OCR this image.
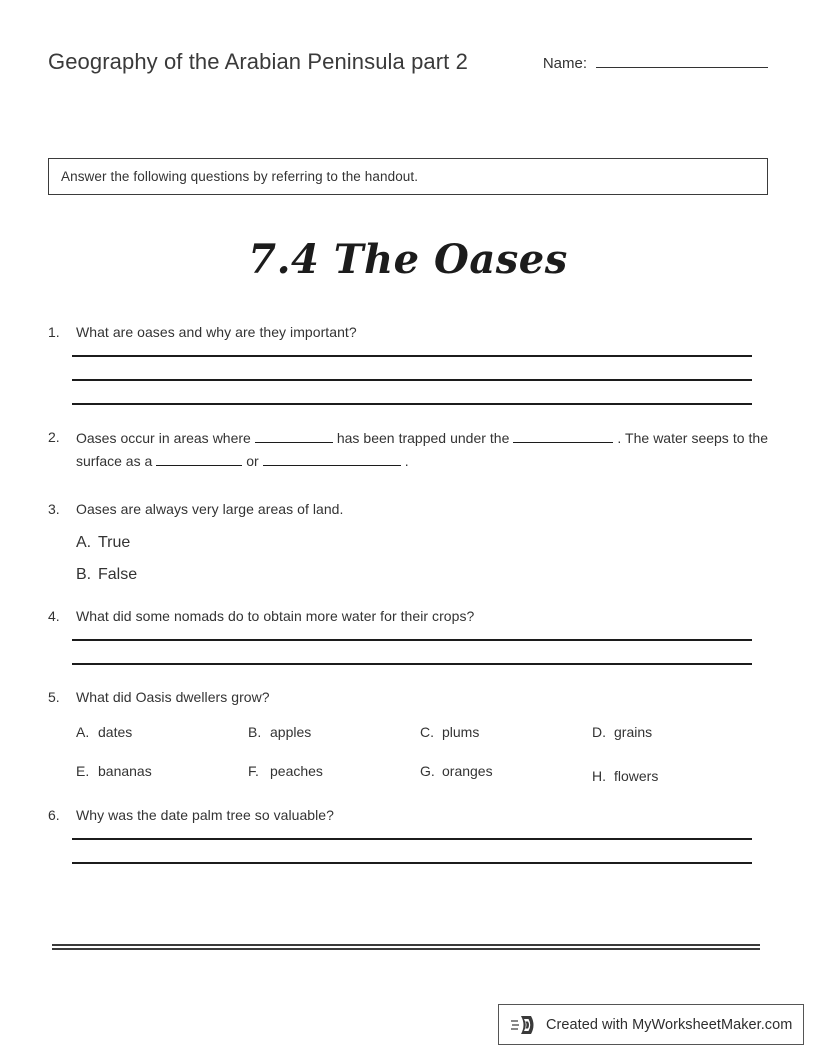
Geography of the Arabian Peninsula part 2	Name:
Answer the following questions by referring to the handout.
7.4 The Oases
1.	What are oases and why are they important?
2.	Oases occur in areas where	has been trapped under the	. The water seeps to the surface as a	or	.
3.	Oases are always very large areas of land.
A. True
B. False
4.	What did some nomads do to obtain more water for their crops?
5.	What did Oasis dwellers grow?
A. dates	B. apples	C. plums	D. grains
E. bananas	F. peaches	G. oranges	H. flowers
6.	Why was the date palm tree so valuable?
Created with MyWorksheetMaker.com
